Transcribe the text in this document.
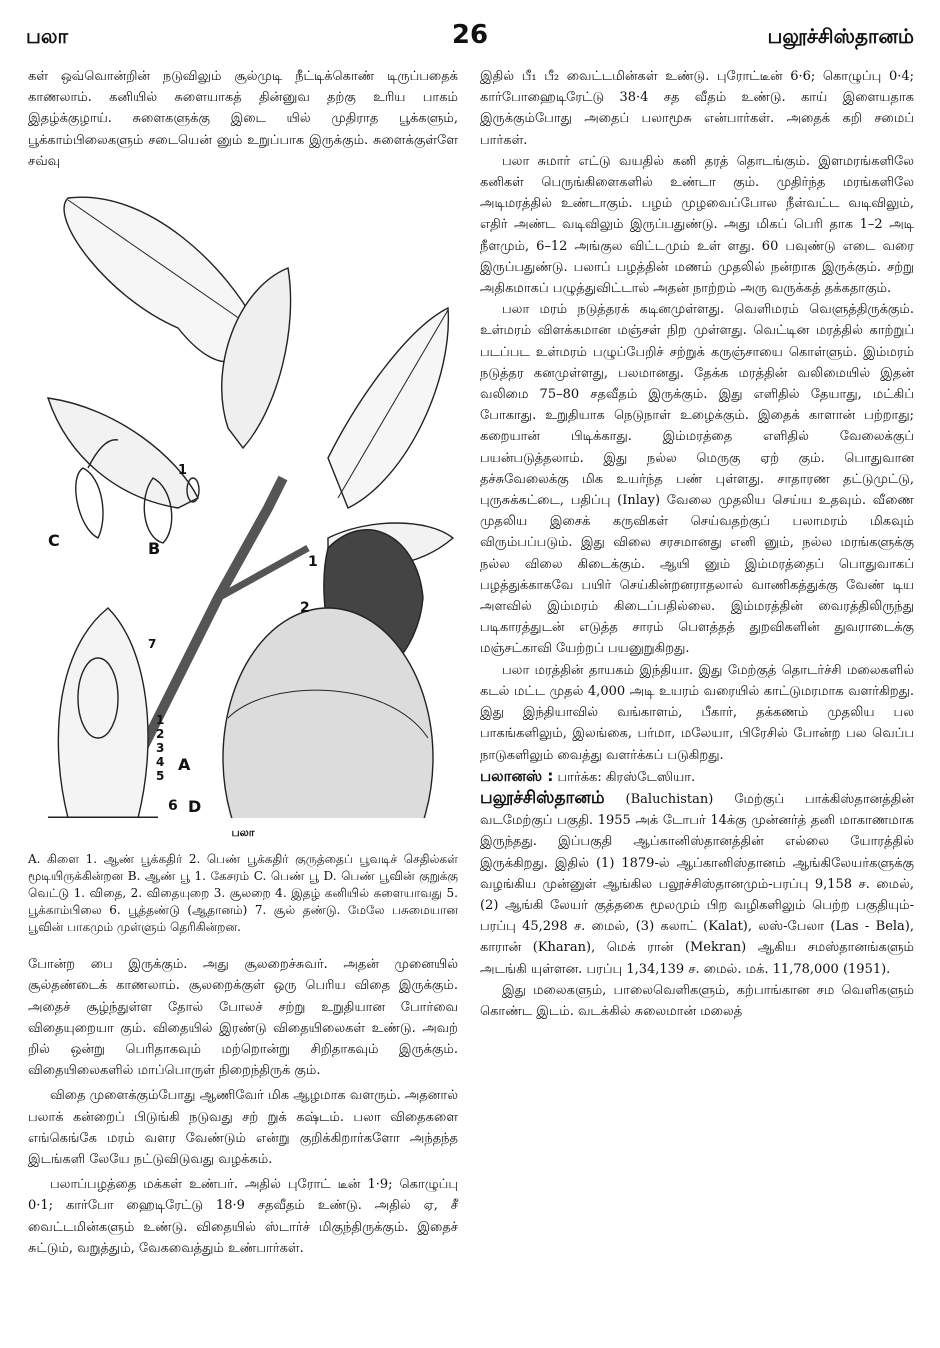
பலா	26	பலூச்சிஸ்தானம்

கள் ஒவ்வொன்றின் நடுவிலும் சூல்முடி நீட்டிக்கொண் டிருப்பதைக் காணலாம். கனியில் சுளையாகத் தின்னுவ தற்கு உரிய பாகம் இதழ்க்குழாய். சுளைகளுக்கு இடை யில் முதிராத பூக்களும், பூக்காம்பிலைகளும் சடையென் னும் உறுப்பாக இருக்கும். சுளைக்குள்ளே சவ்வு

C	B
1
A
1
2
7
1
2
3
4
5
6 D
பலா

A. கிளை 1. ஆண் பூக்கதிர் 2. பெண் பூக்கதிர் குருத்தைப் பூவடிச் செதில்கள் மூடியிருக்கின்றன B. ஆண் பூ 1. கேசரம் C. பெண் பூ D. பெண் பூவின் குறுக்கு வெட்டு 1. விதை, 2. விதையுறை 3. சூலறை 4. இதழ் கனியில் சுளையாவது 5. பூக்காம்பிலை 6. பூத்தண்டு (ஆதானம்) 7. சூல் தண்டு. மேலே பசுமையான பூவின் பாகமும் முள்ளும் தெரிகின்றன.

போன்ற பை இருக்கும். அது சூலறைச்சுவர். அதன் முனையில் சூல்தண்டைக் காணலாம். சூலறைக்குள் ஒரு பெரிய விதை இருக்கும். அதைச் சூழ்ந்துள்ள தோல் போலச் சற்று உறுதியான போர்வை விதையுறையா கும். விதையில் இரண்டு விதையிலைகள் உண்டு. அவற் றில் ஒன்று பெரிதாகவும் மற்றொன்று சிறிதாகவும் இருக்கும். விதையிலைகளில் மாப்பொருள் நிறைந்திருக் கும்.

விதை முளைக்கும்போது ஆணிவேர் மிக ஆழமாக வளரும். அதனால் பலாக் கன்றைப் பிடுங்கி நடுவது சற் றுக் கஷ்டம். பலா விதைகளை எங்கெங்கே மரம் வளர வேண்டும் என்று குறிக்கிறார்களோ அந்தந்த இடங்களி லேயே நட்டுவிடுவது வழக்கம்.

பலாப்பழத்தை மக்கள் உண்பர். அதில் புரோட் டீன் 1·9; கொழுப்பு 0·1; கார்போ ஹைடிரேட்டு 18·9 சதவீதம் உண்டு. அதில் ஏ, சீ வைட்டமின்களும் உண்டு. விதையில் ஸ்டார்ச் மிகுந்திருக்கும். இதைச் சுட்டும், வறுத்தும், வேகவைத்தும் உண்பார்கள்.

இதில் பீ₁ பீ₂ வைட்டமின்கள் உண்டு. புரோட்டீன் 6·6; கொழுப்பு 0·4; கார்போஹைடிரேட்டு 38·4 சத வீதம் உண்டு. காய் இளையதாக இருக்கும்போது அதைப் பலாமூசு என்பார்கள். அதைக் கறி சமைப் பார்கள்.

பலா சுமார் எட்டு வயதில் கனி தரத் தொடங்கும். இளமரங்களிலே கனிகள் பெருங்கிளைகளில் உண்டா கும். முதிர்ந்த மரங்களிலே அடிமரத்தில் உண்டாகும். பழம் முழவைப்போல நீள்வட்ட வடிவிலும், எதிர் அண்ட வடிவிலும் இருப்பதுண்டு. அது மிகப் பெரி தாக 1–2 அடி நீளமும், 6–12 அங்குல விட்டமும் உள் ளது. 60 பவுண்டு எடை வரை இருப்பதுண்டு. பலாப் பழத்தின் மணம் முதலில் நன்றாக இருக்கும். சற்று அதிகமாகப் பழுத்துவிட்டால் அதன் நாற்றம் அரு வருக்கத் தக்கதாகும்.

பலா மரம் நடுத்தரக் கடினமுள்ளது. வெளிமரம் வெளுத்திருக்கும். உள்மரம் விளக்கமான மஞ்சள் நிற முள்ளது. வெட்டின மரத்தில் காற்றுப் படப்பட உள்மரம் பழுப்பேறிச் சற்றுக் கருஞ்சாயை கொள்ளும். இம்மரம் நடுத்தர கனமுள்ளது, பலமானது. தேக்க மரத்தின் வலிமையில் இதன் வலிமை 75–80 சதவீதம் இருக்கும். இது எளிதில் தேயாது, மட்கிப் போகாது. உறுதியாக நெடுநாள் உழைக்கும். இதைக் காளான் பற்றாது; கறையான் பிடிக்காது. இம்மரத்தை எளிதில் வேலைக்குப் பயன்படுத்தலாம். இது நல்ல மெருகு ஏற் கும். பொதுவான தச்சுவேலைக்கு மிக உயர்ந்த பண் புள்ளது. சாதாரண தட்டுமுட்டு, புருசுக்கட்டை, பதிப்பு (Inlay) வேலை முதலிய செய்ய உதவும். வீணை முதலிய இசைக் கருவிகள் செய்வதற்குப் பலாமரம் மிகவும் விரும்பப்படும். இது விலை சரசமானது எனி னும், நல்ல மரங்களுக்கு நல்ல விலை கிடைக்கும். ஆயி னும் இம்மரத்தைப் பொதுவாகப் பழத்துக்காகவே பயிர் செய்கின்றனராதலால் வாணிகத்துக்கு வேண் டிய அளவில் இம்மரம் கிடைப்பதில்லை. இம்மரத்தின் வைரத்திலிருந்து படிகாரத்துடன் எடுத்த சாரம் பௌத்தத் துறவிகளின் துவராடைக்கு மஞ்சட்காவி யேற்றப் பயனுறுகிறது.

பலா மரத்தின் தாயகம் இந்தியா. இது மேற்குத் தொடர்ச்சி மலைகளில் கடல் மட்ட முதல் 4,000 அடி உயரம் வரையில் காட்டுமரமாக வளர்கிறது. இது இந்தியாவில் வங்காளம், பீகார், தக்கணம் முதலிய பல பாகங்களிலும், இலங்கை, பர்மா, மலேயா, பிரேசில் போன்ற பல வெப்ப நாடுகளிலும் வைத்து வளர்க்கப் படுகிறது.

பலானஸ் : பார்க்க: கிரஸ்டேஸியா.

பலூச்சிஸ்தானம் (Baluchistan) மேற்குப் பாக்கிஸ்தானத்தின் வடமேற்குப் பகுதி. 1955 அக் டோபர் 14க்கு முன்னர்த் தனி மாகாணமாக இருந்தது. இப்பகுதி ஆப்கானிஸ்தானத்தின் எல்லை யோரத்தில் இருக்கிறது. இதில் (1) 1879-ல் ஆப்கானிஸ்தானம் ஆங்கிலேயர்களுக்கு வழங்கிய முன்னுள் ஆங்கில பலூச்சிஸ்தானமும்-பரப்பு 9,158 ச. மைல், (2) ஆங்கி லேயர் குத்தகை மூலமும் பிற வழிகளிலும் பெற்ற பகுதியும்-பரப்பு 45,298 ச. மைல், (3) கலாட் (Kalat), லஸ்-பேலா (Las - Bela), காரான் (Kharan), மெக் ரான் (Mekran) ஆகிய சமஸ்தானங்களும் அடங்கி யுள்ளன. பரப்பு 1,34,139 ச. மைல். மக். 11,78,000 (1951).

இது மலைகளும், பாலைவெளிகளும், கற்பாங்கான சம வெளிகளும் கொண்ட இடம். வடக்கில் சுலைமான் மலைத்
